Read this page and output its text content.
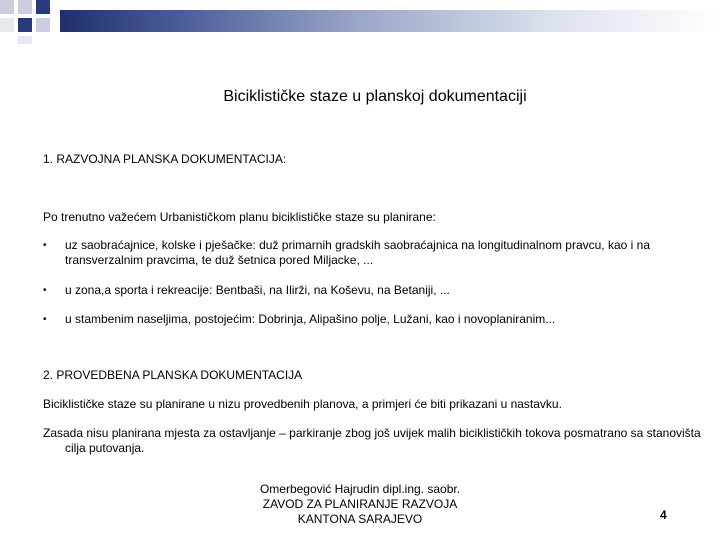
Biciklističke staze u planskoj dokumentaciji
1. RAZVOJNA PLANSKA DOKUMENTACIJA:
Po trenutno važećem Urbanističkom planu biciklističke staze su planirane:
•	uz saobraćajnice, kolske i pješačke: duž primarnih gradskih saobraćajnica na longitudinalnom pravcu, kao i na transverzalnim pravcima, te duž šetnica pored Miljacke, ...
•	u zona,a sporta i rekreacije: Bentbaši, na Ilirži, na Koševu, na Betaniji, ...
•	u stambenim naseljima, postojećim: Dobrinja, Alipašino polje, Lužani, kao i novoplaniranim...
2. PROVEDBENA PLANSKA DOKUMENTACIJA
Biciklističke staze su planirane u nizu provedbenih planova, a primjeri će biti prikazani u nastavku.
Zasada nisu planirana mjesta za ostavljanje – parkiranje zbog još uvijek malih biciklističkih tokova posmatrano sa stanovišta cilja putovanja.
Omerbegović Hajrudin dipl.ing. saobr.
ZAVOD ZA PLANIRANJE RAZVOJA
KANTONA SARAJEVO	4
